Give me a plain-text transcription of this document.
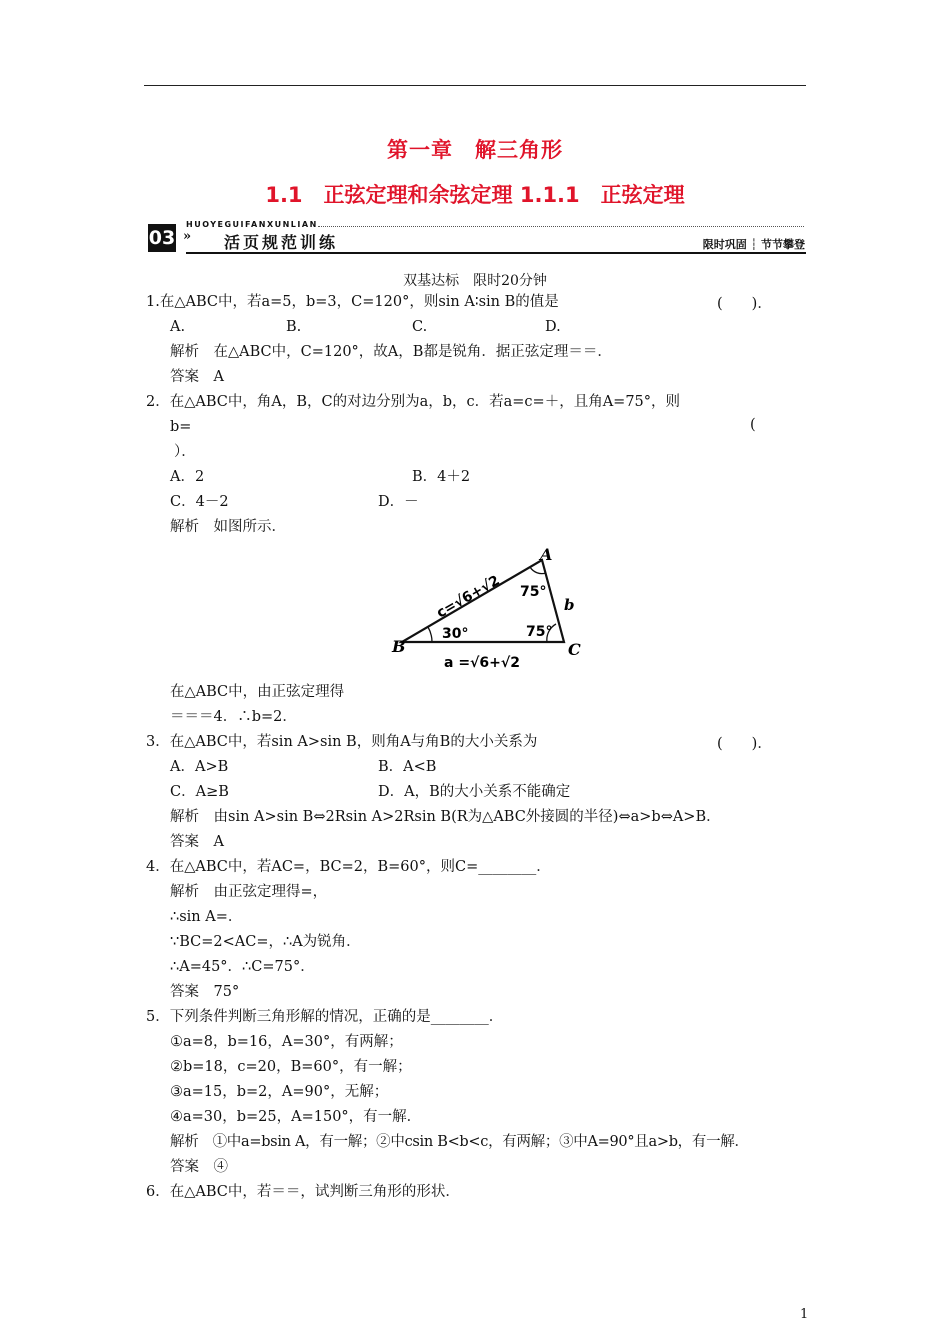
第一章　解三角形
1.1　正弦定理和余弦定理 1.1.1　正弦定理
HUOYEGUIFANXUNLIAN
03 » 活页规范训练	限时巩固 ┆ 节节攀登
双基达标　限时20分钟
1.在△ABC中，若a=5，b=3，C=120°，则sin A∶sin B的值是	(　　)．
A.	B.	C.	D.
解析　在△ABC中，C=120°，故A，B都是锐角．据正弦定理＝＝．
答案　A
2．在△ABC中，角A，B，C的对边分别为a，b，c．若a=c=＋，且角A=75°，则
b=	(
）．
A．2	B．4＋2
C．4－2	D．－
解析　如图所示．
A
B	C
75°
30°	75°
b
c=√6+√2
a =√6+√2
在△ABC中，由正弦定理得
＝＝＝4．∴b=2．
3．在△ABC中，若sin A>sin B，则角A与角B的大小关系为	(　　)．
A．A>B	B．A<B
C．A≥B	D．A，B的大小关系不能确定
解析　由sin A>sin B⇔2Rsin A>2Rsin B(R为△ABC外接圆的半径)⇔a>b⇔A>B．
答案　A
4．在△ABC中，若AC=，BC=2，B=60°，则C=________．
解析　由正弦定理得=，
∴sin A=．
∵BC=2<AC=，∴A为锐角．
∴A=45°．∴C=75°．
答案　75°
5．下列条件判断三角形解的情况，正确的是________．
①a=8，b=16，A=30°，有两解；
②b=18，c=20，B=60°，有一解；
③a=15，b=2，A=90°，无解；
④a=30，b=25，A=150°，有一解．
解析　①中a=bsin A，有一解；②中csin B<b<c，有两解；③中A=90°且a>b，有一解．
答案　④
6．在△ABC中，若＝＝，试判断三角形的形状．
1
